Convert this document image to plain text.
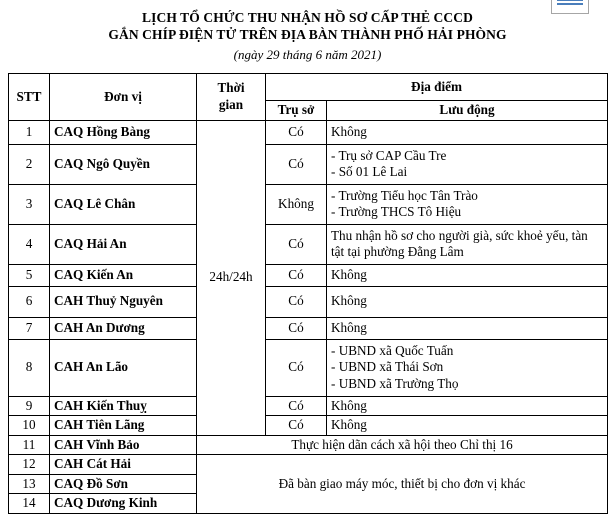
LỊCH TỔ CHỨC THU NHẬN HỒ SƠ CẤP THẺ CCCD
GẮN CHÍP ĐIỆN TỬ TRÊN ĐỊA BÀN THÀNH PHỐ HẢI PHÒNG
(ngày 29 tháng 6 năm 2021)
STT	Đơn vị	Thời
gian	Địa điểm	
			Trụ sở	Lưu động
1	CAQ Hồng Bàng	24h/24h	Có	Không

2	CAQ Ngô Quyền		Có	- Trụ sở CAP Cầu Tre
- Số 01 Lê Lai

3	CAQ Lê Chân		Không	- Trường Tiểu học Tân Trào
- Trường THCS Tô Hiệu

4	CAQ Hải An		Có	Thu nhận hồ sơ cho người già, sức khoẻ yếu, tàn tật tại phường Đằng Lâm
5	CAQ Kiến An		Có	Không

6	CAH Thuỷ Nguyên		Có	Không

7	CAH An Dương		Có	Không

8	CAH An Lão		Có	- UBND xã Quốc Tuấn
- UBND xã Thái Sơn
- UBND xã Trường Thọ

9	CAH Kiến Thuỵ		Có	Không

10	CAH Tiên Lãng		Có	Không

11	CAH Vĩnh Bảo	Thực hiện dãn cách xã hội theo Chỉ thị 16		
12	CAH Cát Hải	Đã bàn giao máy móc, thiết bị cho đơn vị khác		
13	CAQ Đồ Sơn			
14	CAQ Dương Kinh			
